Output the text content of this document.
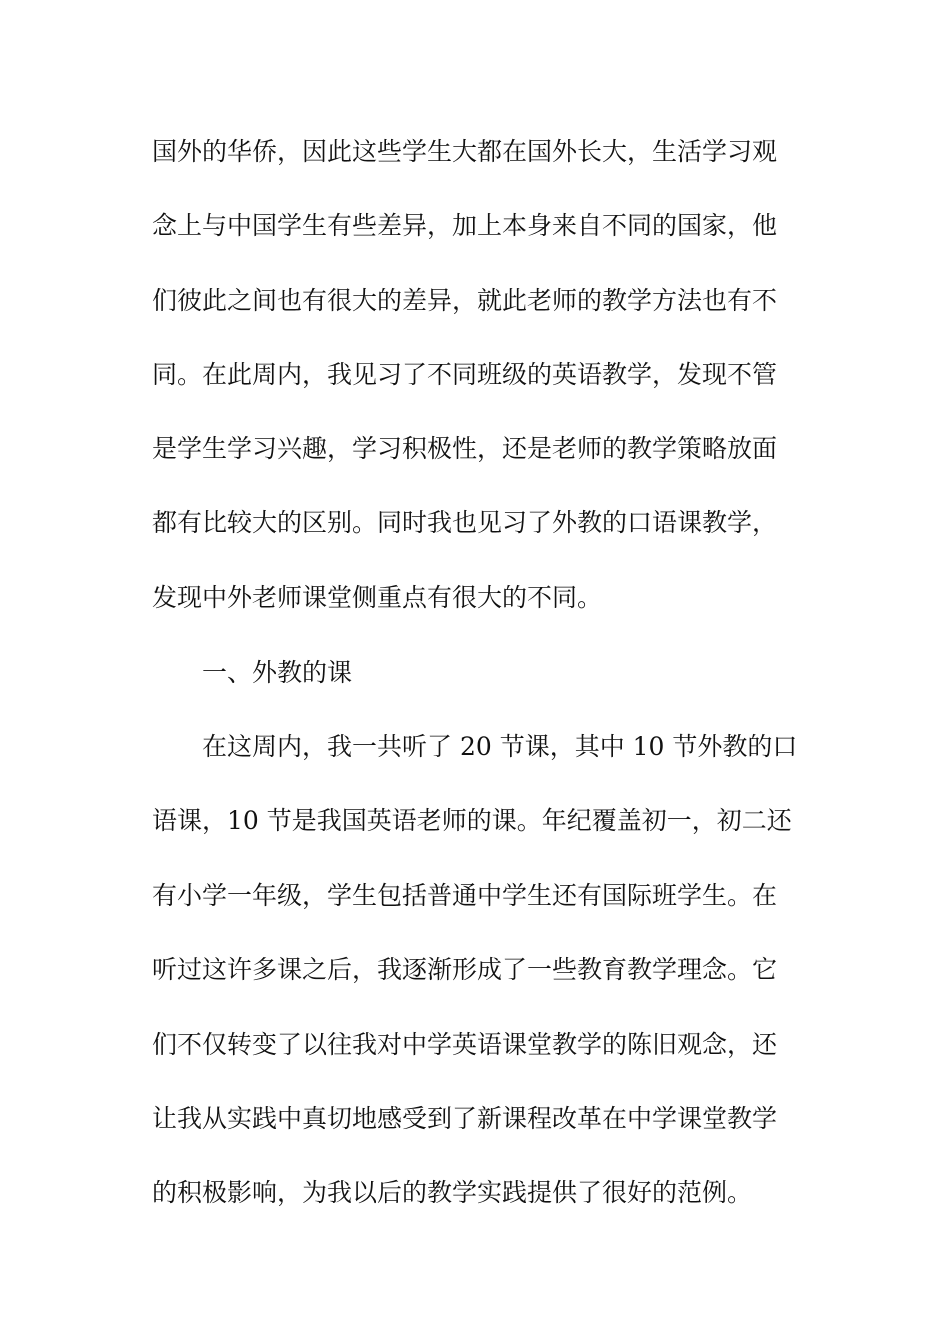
国外的华侨，因此这些学生大都在国外长大，生活学习观
念上与中国学生有些差异，加上本身来自不同的国家，他
们彼此之间也有很大的差异，就此老师的教学方法也有不
同。在此周内，我见习了不同班级的英语教学，发现不管
是学生学习兴趣，学习积极性，还是老师的教学策略放面
都有比较大的区别。同时我也见习了外教的口语课教学，
发现中外老师课堂侧重点有很大的不同。
一、外教的课
在这周内，我一共听了 20 节课，其中 10 节外教的口
语课，10 节是我国英语老师的课。年纪覆盖初一，初二还
有小学一年级，学生包括普通中学生还有国际班学生。在
听过这许多课之后，我逐渐形成了一些教育教学理念。它
们不仅转变了以往我对中学英语课堂教学的陈旧观念，还
让我从实践中真切地感受到了新课程改革在中学课堂教学
的积极影响，为我以后的教学实践提供了很好的范例。
